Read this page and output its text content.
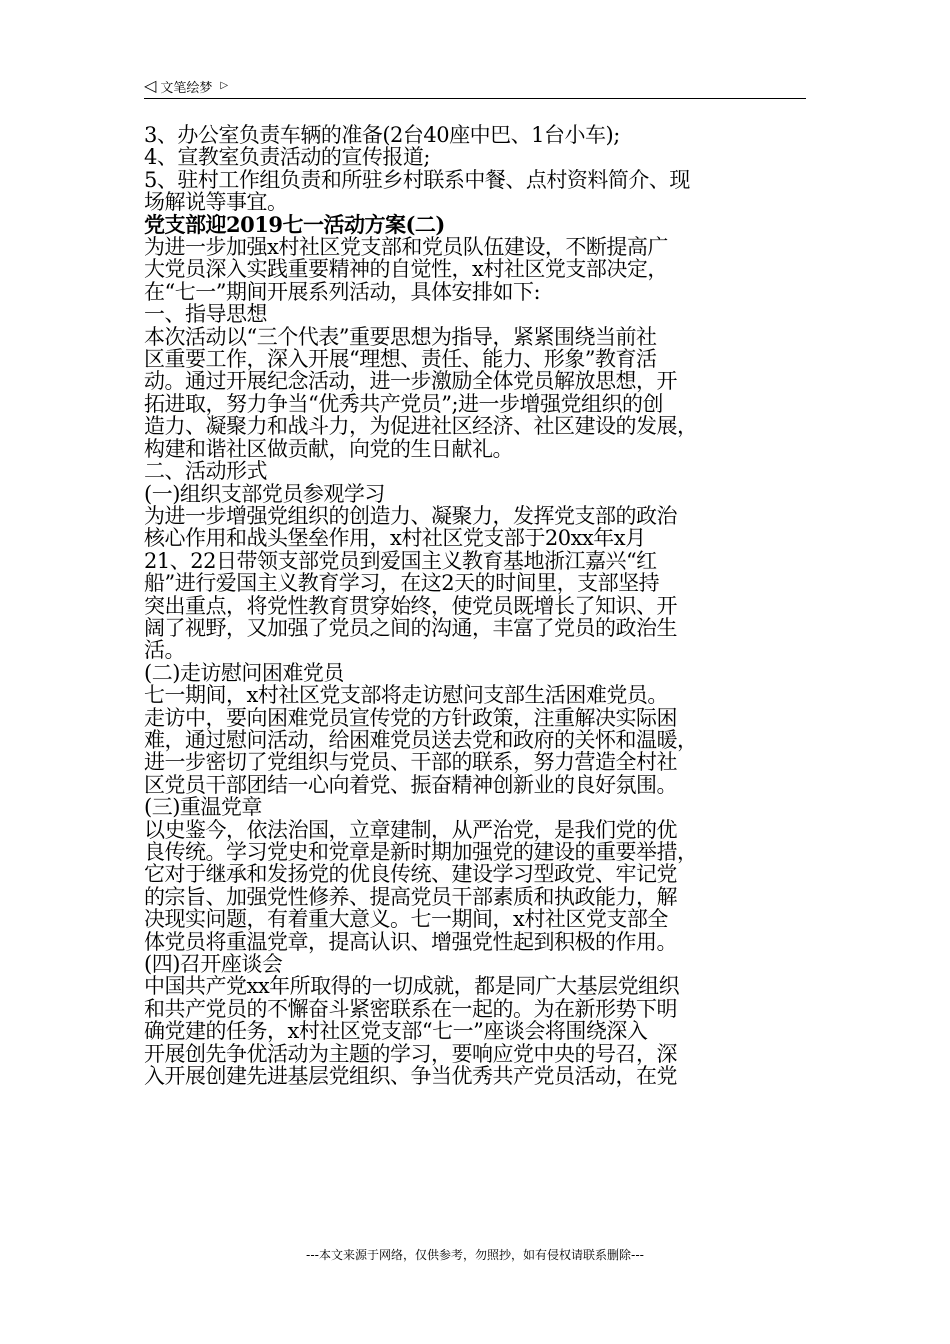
◁ 文笔绘梦 ▷

3、办公室负责车辆的准备(2台40座中巴、1台小车);

4、宣教室负责活动的宣传报道;

5、驻村工作组负责和所驻乡村联系中餐、点村资料简介、现

场解说等事宜。

党支部迎2019七一活动方案(二)

为进一步加强x村社区党支部和党员队伍建设，不断提高广

大党员深入实践重要精神的自觉性，x村社区党支部决定，

在“七一”期间开展系列活动，具体安排如下:

一、指导思想

本次活动以“三个代表”重要思想为指导，紧紧围绕当前社

区重要工作，深入开展“理想、责任、能力、形象”教育活

动。通过开展纪念活动，进一步激励全体党员解放思想，开

拓进取，努力争当“优秀共产党员”;进一步增强党组织的创

造力、凝聚力和战斗力，为促进社区经济、社区建设的发展，

构建和谐社区做贡献，向党的生日献礼。

二、活动形式

(一)组织支部党员参观学习

为进一步增强党组织的创造力、凝聚力，发挥党支部的政治

核心作用和战头堡垒作用，x村社区党支部于20xx年x月

21、22日带领支部党员到爱国主义教育基地浙江嘉兴“红

船”进行爱国主义教育学习，在这2天的时间里，支部坚持

突出重点，将党性教育贯穿始终，使党员既增长了知识、开

阔了视野，又加强了党员之间的沟通，丰富了党员的政治生

活。

(二)走访慰问困难党员

七一期间，x村社区党支部将走访慰问支部生活困难党员。

走访中，要向困难党员宣传党的方针政策，注重解决实际困

难，通过慰问活动，给困难党员送去党和政府的关怀和温暖，

进一步密切了党组织与党员、干部的联系，努力营造全村社

区党员干部团结一心向着党、振奋精神创新业的良好氛围。

(三)重温党章

以史鉴今，依法治国，立章建制，从严治党，是我们党的优

良传统。学习党史和党章是新时期加强党的建设的重要举措，

它对于继承和发扬党的优良传统、建设学习型政党、牢记党

的宗旨、加强党性修养、提高党员干部素质和执政能力，解

决现实问题，有着重大意义。七一期间，x村社区党支部全

体党员将重温党章，提高认识、增强党性起到积极的作用。

(四)召开座谈会

中国共产党xx年所取得的一切成就，都是同广大基层党组织

和共产党员的不懈奋斗紧密联系在一起的。为在新形势下明

确党建的任务，x村社区党支部“七一”座谈会将围绕深入

开展创先争优活动为主题的学习，要响应党中央的号召，深

入开展创建先进基层党组织、争当优秀共产党员活动，在党

---本文来源于网络，仅供参考，勿照抄，如有侵权请联系删除---
